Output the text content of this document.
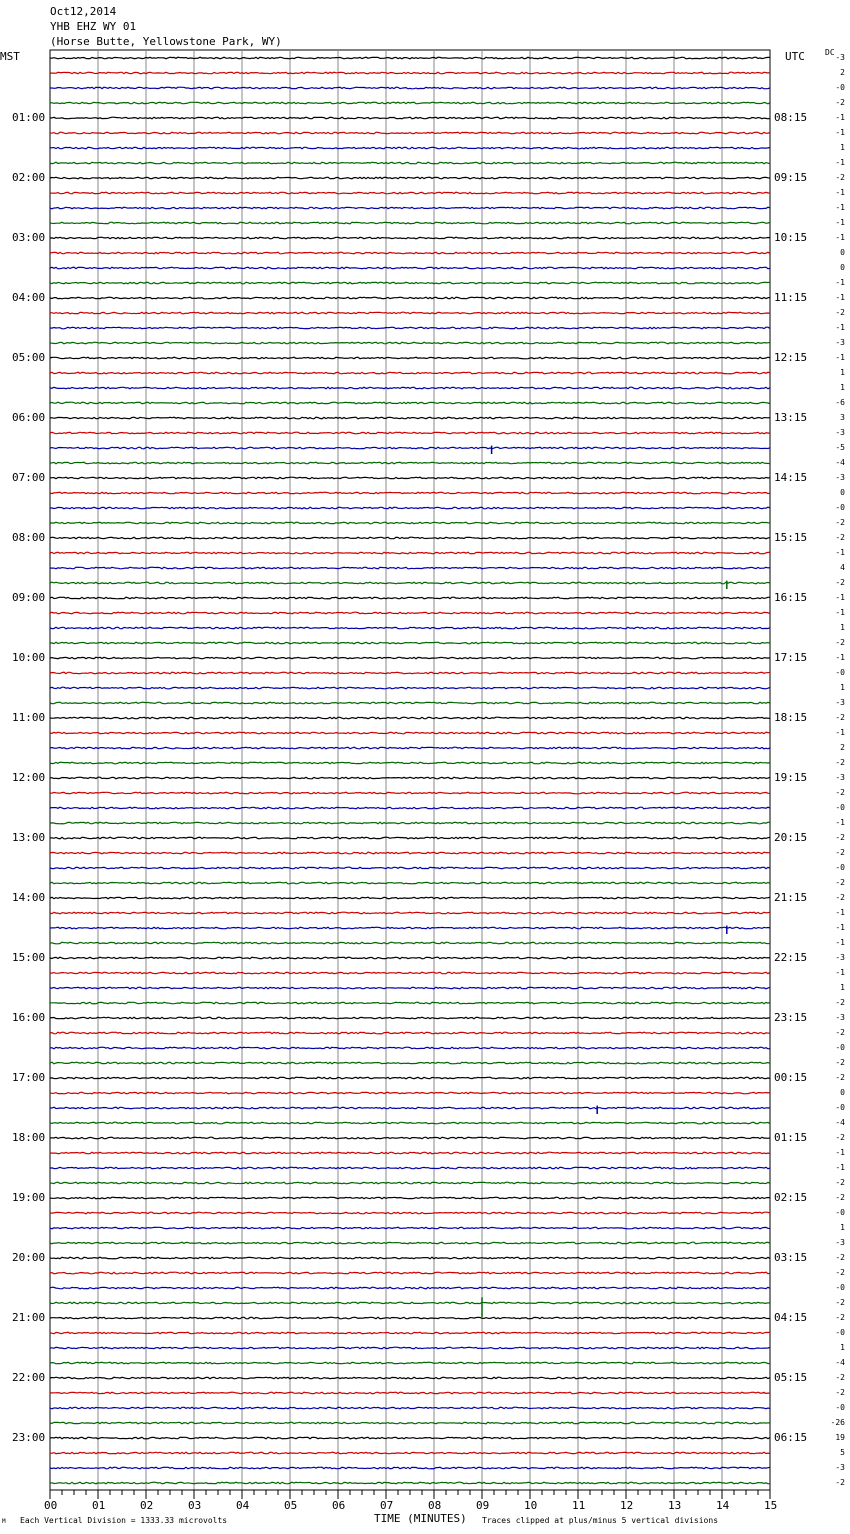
Oct12,2014
YHB EHZ WY 01
(Horse Butte, Yellowstone Park, WY)
MST	UTC	DC
01:00
02:00
03:00
04:00
05:00
06:00
07:00
08:00
09:00
10:00
11:00
12:00
13:00
14:00
15:00
16:00
17:00
18:00
19:00
20:00
21:00
22:00
23:00
08:15
09:15
10:15
11:15
12:15
13:15
14:15
15:15
16:15
17:15
18:15
19:15
20:15
21:15
22:15
23:15
00:15
01:15
02:15
03:15
04:15
05:15
06:15
-3
2
-0
-2
-1
-1
1
-1
-2
-1
-1
-1
-1
0
0
-1
-1
-2
-1
-3
-1
1
1
-6
3
-3
-5
-4
-3
0
-0
-2
-2
-1
4
-2
-1
-1
1
-2
-1
-0
1
-3
-2
-1
2
-2
-3
-2
-0
-1
-2
-2
-0
-2
-2
-1
-1
-1
-3
-1
1
-2
-3
-2
-0
-2
-2
0
-0
-4
-2
-1
-1
-2
-2
-0
1
-3
-2
-2
-0
-2
-2
-0
1
-4
-2
-2
-0
-26
19
5
-3
-2
00	01	02	03	04	05	06	07	08	09	10	11	12	13	14	15
TIME (MINUTES)
Each Vertical Division = 1333.33 microvolts	Traces clipped at plus/minus 5 vertical divisions
M
